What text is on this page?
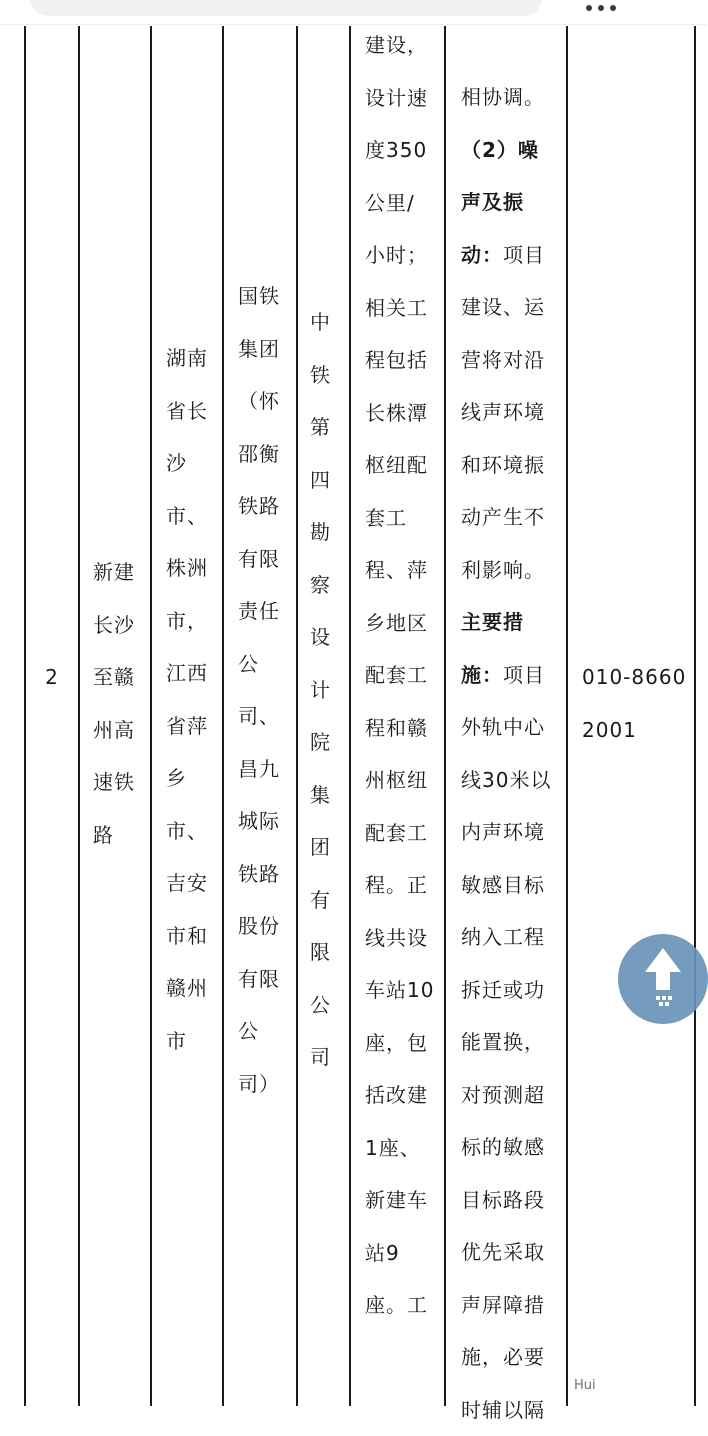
2
新建长沙至赣州高速铁路
湖南省长沙市、株洲市，江西省萍乡市、吉安市和赣州市
国铁集团（怀邵衡铁路有限责任公司、昌九城际铁路股份有限公司）
中铁第四勘察设计院集团有限公司
建设，设计速度350公里/小时；相关工程包括长株潭枢纽配套工程、萍乡地区配套工程和赣州枢纽配套工程。正线共设车站10座，包括改建1座、新建车站9座。工
相协调。（2）噪声及振动：项目建设、运营将对沿线声环境和环境振动产生不利影响。主要措施：项目外轨中心线30米以内声环境敏感目标纳入工程拆迁或功能置换，对预测超标的敏感目标路段优先采取声屏障措施，必要时辅以隔
010-86602001
Hui
